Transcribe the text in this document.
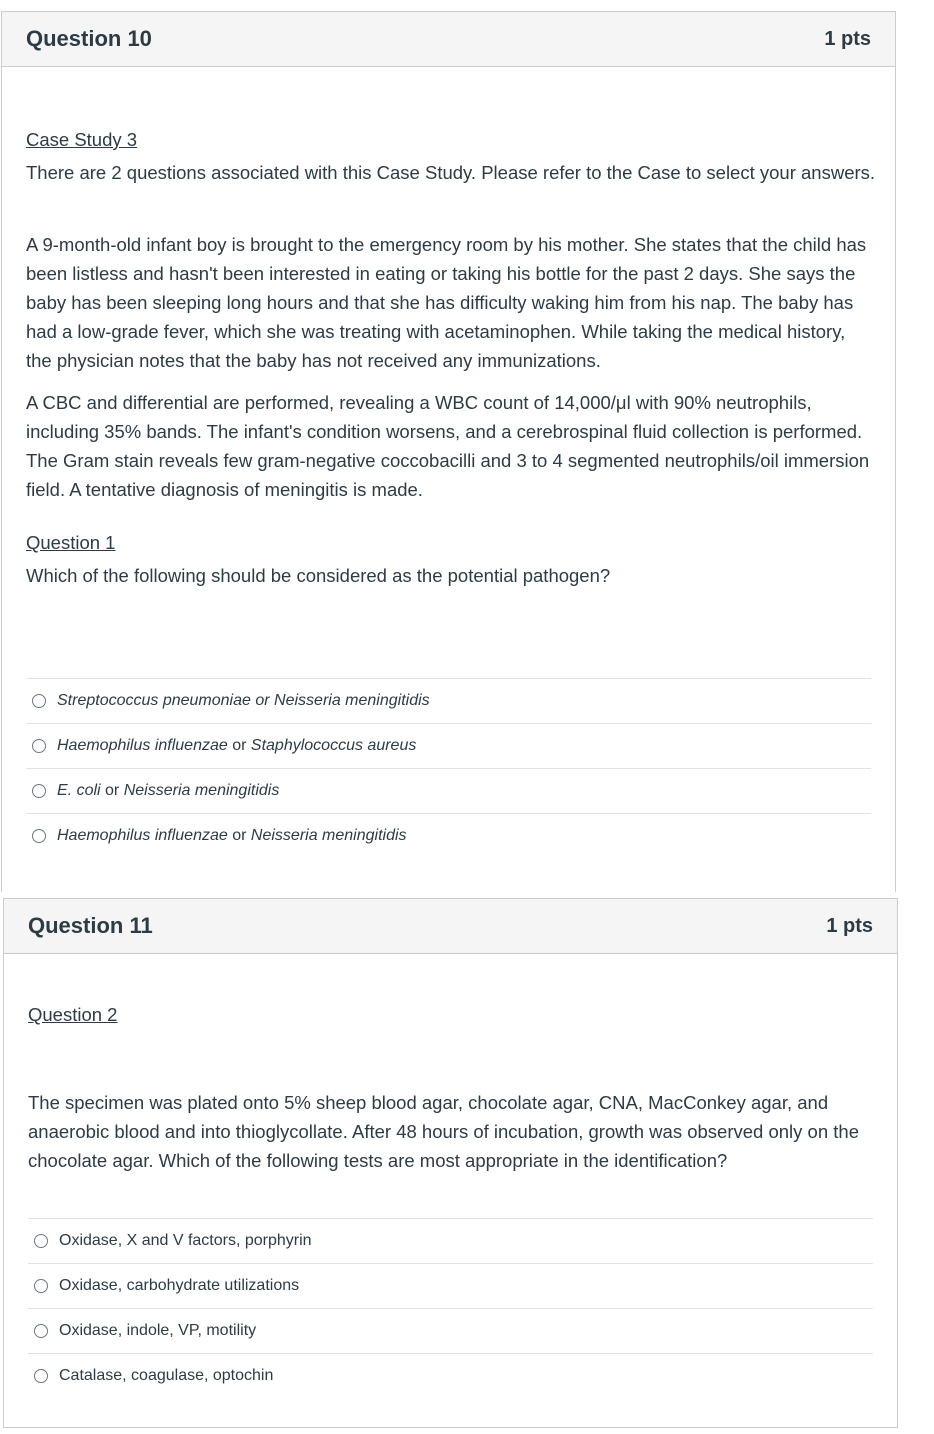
Question 10	1 pts

Case Study 3

There are 2 questions associated with this Case Study. Please refer to the Case to select your answers.

A 9-month-old infant boy is brought to the emergency room by his mother. She states that the child has been listless and hasn't been interested in eating or taking his bottle for the past 2 days. She says the baby has been sleeping long hours and that she has difficulty waking him from his nap. The baby has had a low-grade fever, which she was treating with acetaminophen. While taking the medical history, the physician notes that the baby has not received any immunizations.

A CBC and differential are performed, revealing a WBC count of 14,000/μl with 90% neutrophils, including 35% bands. The infant's condition worsens, and a cerebrospinal fluid collection is performed. The Gram stain reveals few gram-negative coccobacilli and 3 to 4 segmented neutrophils/oil immersion field. A tentative diagnosis of meningitis is made.

Question 1

Which of the following should be considered as the potential pathogen?

Streptococcus pneumoniae or Neisseria meningitidis
Haemophilus influenzae or Staphylococcus aureus
E. coli or Neisseria meningitidis
Haemophilus influenzae or Neisseria meningitidis
Question 11	1 pts

Question 2

The specimen was plated onto 5% sheep blood agar, chocolate agar, CNA, MacConkey agar, and anaerobic blood and into thioglycollate. After 48 hours of incubation, growth was observed only on the chocolate agar. Which of the following tests are most appropriate in the identification?

Oxidase, X and V factors, porphyrin
Oxidase, carbohydrate utilizations
Oxidase, indole, VP, motility
Catalase, coagulase, optochin
